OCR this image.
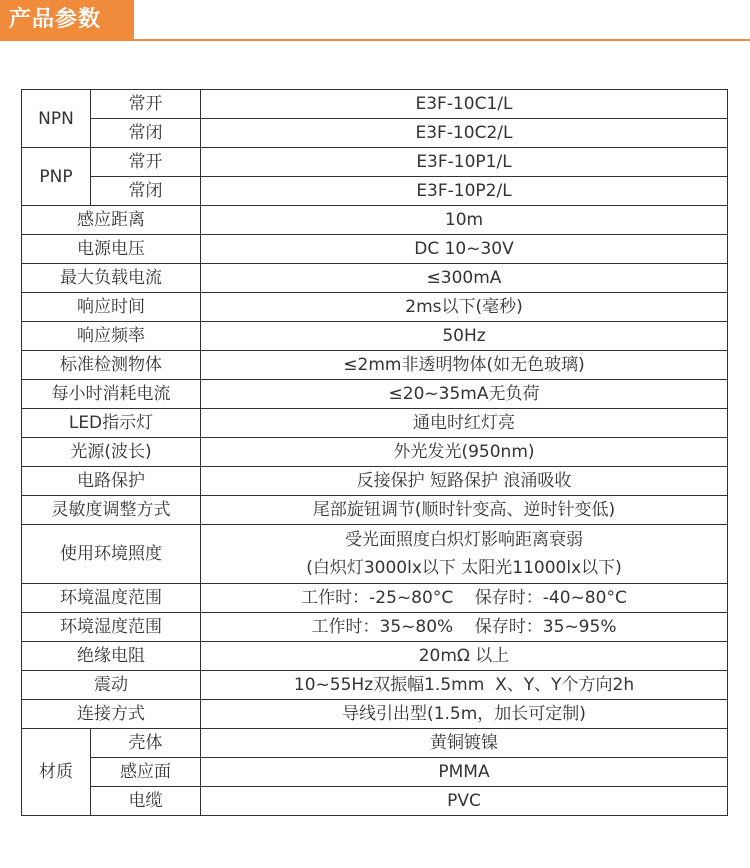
产品参数
NPN	常开	E3F-10C1/L
	常闭	E3F-10C2/L
PNP	常开	E3F-10P1/L
	常闭	E3F-10P2/L
感应距离		10m
电源电压		DC 10~30V
最大负载电流		≤300mA
响应时间		2ms以下(毫秒)
响应频率		50Hz
标准检测物体		≤2mm非透明物体(如无色玻璃)
每小时消耗电流		≤20~35mA无负荷
LED指示灯		通电时红灯亮
光源(波长)		外光发光(950nm)
电路保护		反接保护 短路保护 浪涌吸收
灵敏度调整方式		尾部旋钮调节(顺时针变高、逆时针变低)
使用环境照度		受光面照度白炽灯影响距离衰弱
(白炽灯3000lx以下 太阳光11000lx以下)

环境温度范围		工作时：-25~80°C    保存时：-40~80°C
环境湿度范围		工作时：35~80%    保存时：35~95%
绝缘电阻		20mΩ 以上
震动		10~55Hz双振幅1.5mm  X、Y、Y个方向2h
连接方式		导线引出型(1.5m，加长可定制)
材质	壳体	黄铜镀镍
	感应面	PMMA
	电缆	PVC
